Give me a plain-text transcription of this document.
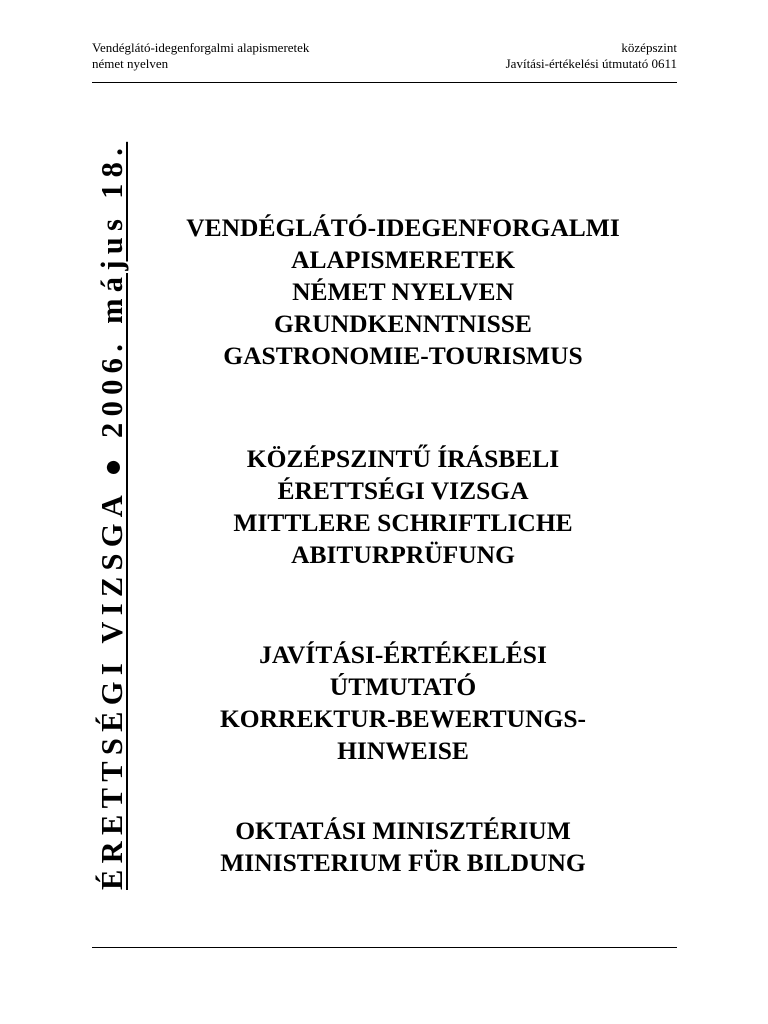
Vendéglátó-idegenforgalmi alapismeretek
német nyelven
középszint
Javítási-értékelési útmutató 0611
ÉRETTSÉGI VIZSGA ● 2006. május 18.	VENDÉGLÁTÓ-IDEGENFORGALMI
ALAPISMERETEK
NÉMET NYELVEN
GRUNDKENNTNISSE
GASTRONOMIE-TOURISMUS
KÖZÉPSZINTŰ ÍRÁSBELI
ÉRETTSÉGI VIZSGA
MITTLERE SCHRIFTLICHE
ABITURPRÜFUNG
JAVÍTÁSI-ÉRTÉKELÉSI
ÚTMUTATÓ
KORREKTUR-BEWERTUNGS-
HINWEISE
OKTATÁSI MINISZTÉRIUM
MINISTERIUM FÜR BILDUNG
